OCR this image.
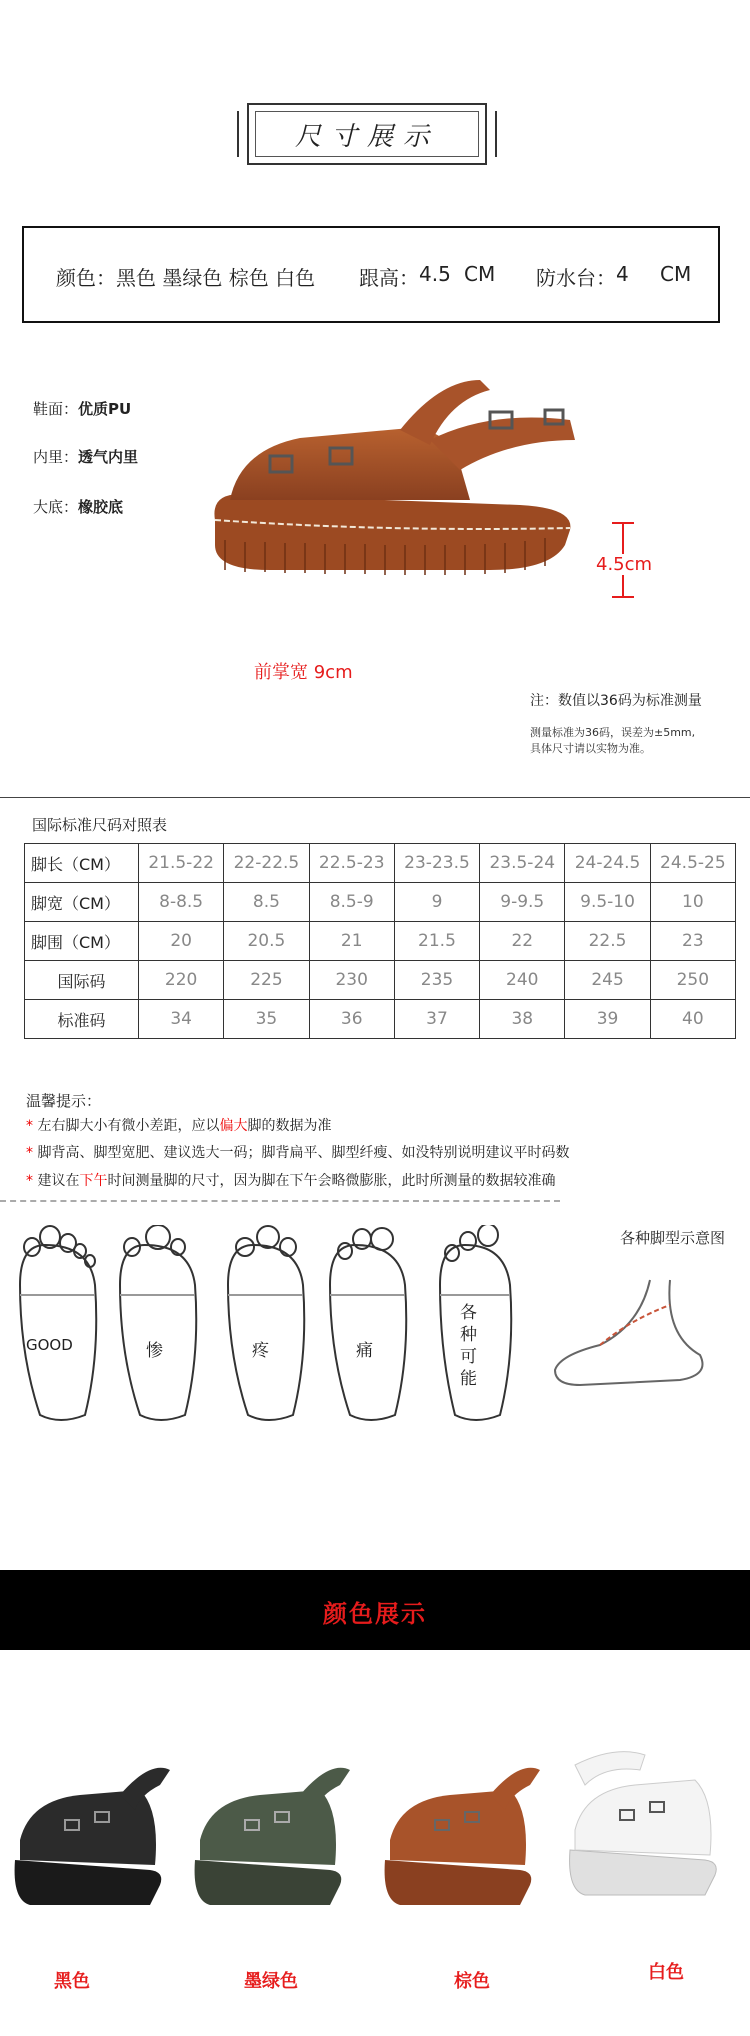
尺寸展示
颜色： 黑色 墨绿色 棕色 白色 跟高： 4.5 CM 防水台： 4 CM
鞋面：优质PU
内里：透气内里
大底：橡胶底
4.5cm
前掌宽 9cm
注：数值以36码为标准测量
测量标准为36码，误差为±5mm,
具体尺寸请以实物为准。
国际标准尺码对照表
脚长（CM）	21.5-22	22-22.5	22.5-23	23-23.5	23.5-24	24-24.5	24.5-25
脚宽（CM）	8-8.5	8.5	8.5-9	9	9-9.5	9.5-10	10
脚围（CM）	20	20.5	21	21.5	22	22.5	23
国际码	220	225	230	235	240	245	250
标准码	34	35	36	37	38	39	40
温馨提示：
* 左右脚大小有微小差距，应以偏大脚的数据为准
* 脚背高、脚型宽肥、建议选大一码；脚背扁平、脚型纤瘦、如没特别说明建议平时码数
* 建议在下午时间测量脚的尺寸，因为脚在下午会略微膨胀，此时所测量的数据较准确
各种脚型示意图
GOOD	惨	疼	痛
各种可能
颜色展示
黑色	墨绿色	棕色	白色
